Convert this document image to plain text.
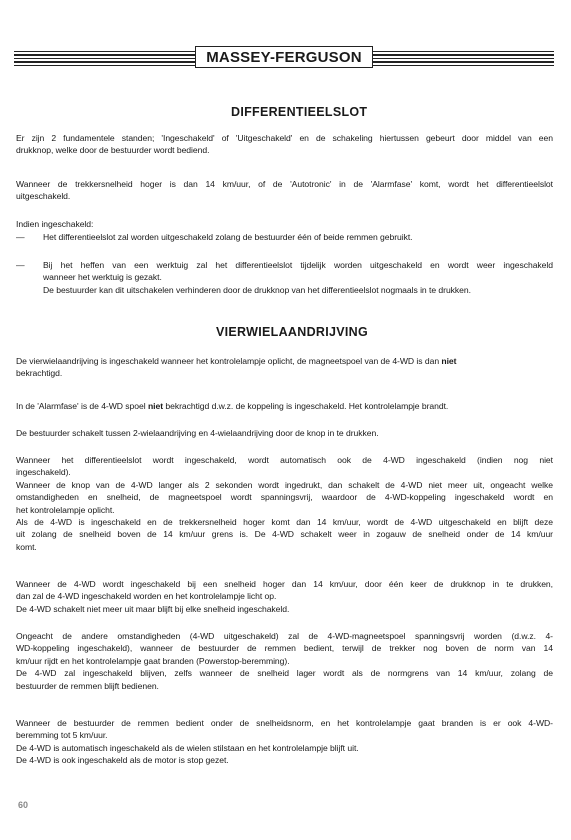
MASSEY-FERGUSON
DIFFERENTIEELSLOT
Er zijn 2 fundamentele standen; 'Ingeschakeld' of 'Uitgeschakeld' en de schakeling hiertussen gebeurt door middel van een
drukknop, welke door de bestuurder wordt bediend.
Wanneer de trekkersnelheid hoger is dan 14 km/uur, of de 'Autotronic' in de 'Alarmfase' komt, wordt het differentieelslot
uitgeschakeld.
Indien ingeschakeld:
— Het differentieelslot zal worden uitgeschakeld zolang de bestuurder één of beide remmen gebruikt.
— Bij het heffen van een werktuig zal het differentieelslot tijdelijk worden uitgeschakeld en wordt weer ingeschakeld
wanneer het werktuig is gezakt.
De bestuurder kan dit uitschakelen verhinderen door de drukknop van het differentieelslot nogmaals in te drukken.
VIERWIELAANDRIJVING
De vierwielaandrijving is ingeschakeld wanneer het kontrolelampje oplicht, de magneetspoel van de 4-WD is dan niet
bekrachtigd.
In de 'Alarmfase' is de 4-WD spoel niet bekrachtigd d.w.z. de koppeling is ingeschakeld. Het kontrolelampje brandt.
De bestuurder schakelt tussen 2-wielaandrijving en 4-wielaandrijving door de knop in te drukken.
Wanneer het differentieelslot wordt ingeschakeld, wordt automatisch ook de 4-WD ingeschakeld (indien nog niet
ingeschakeld).
Wanneer de knop van de 4-WD langer als 2 sekonden wordt ingedrukt, dan schakelt de 4-WD niet meer uit, ongeacht welke
omstandigheden en snelheid, de magneetspoel wordt spanningsvrij, waardoor de 4-WD-koppeling ingeschakeld wordt en
het kontrolelampje oplicht.
Als de 4-WD is ingeschakeld en de trekkersnelheid hoger komt dan 14 km/uur, wordt de 4-WD uitgeschakeld en blijft deze
uit zolang de snelheid boven de 14 km/uur grens is. De 4-WD schakelt weer in zogauw de snelheid onder de 14 km/uur
komt.
Wanneer de 4-WD wordt ingeschakeld bij een snelheid hoger dan 14 km/uur, door één keer de drukknop in te drukken,
dan zal de 4-WD ingeschakeld worden en het kontrolelampje licht op.
De 4-WD schakelt niet meer uit maar blijft bij elke snelheid ingeschakeld.
Ongeacht de andere omstandigheden (4-WD uitgeschakeld) zal de 4-WD-magneetspoel spanningsvrij worden (d.w.z. 4-
WD-koppeling ingeschakeld), wanneer de bestuurder de remmen bedient, terwijl de trekker nog boven de norm van 14
km/uur rijdt en het kontrolelampje gaat branden (Powerstop-beremming).
De 4-WD zal ingeschakeld blijven, zelfs wanneer de snelheid lager wordt als de normgrens van 14 km/uur, zolang de
bestuurder de remmen blijft bedienen.
Wanneer de bestuurder de remmen bedient onder de snelheidsnorm, en het kontrolelampje gaat branden is er ook 4-WD-
beremming tot 5 km/uur.
De 4-WD is automatisch ingeschakeld als de wielen stilstaan en het kontrolelampje blijft uit.
De 4-WD is ook ingeschakeld als de motor is stop gezet.
60
